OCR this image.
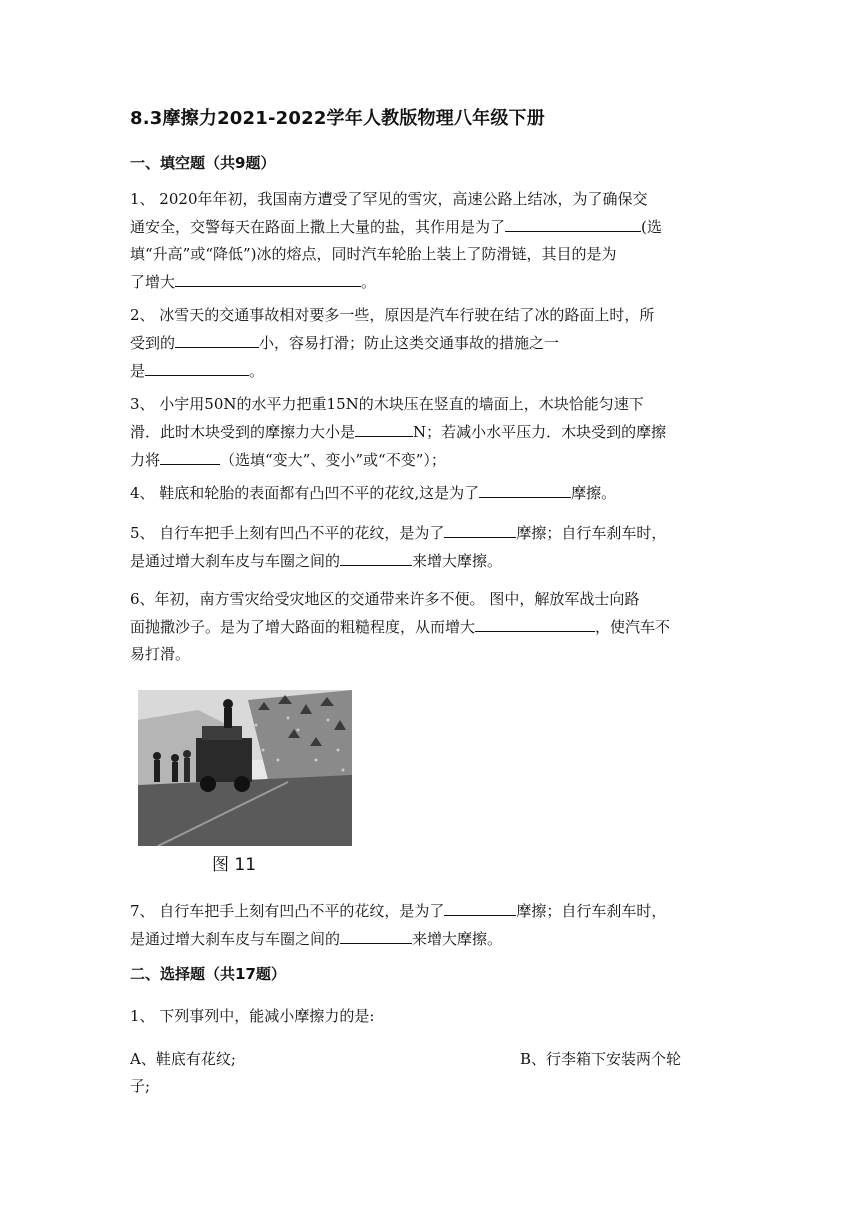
8.3摩擦力2021-2022学年人教版物理八年级下册
一、填空题（共9题）
1、 2020年年初，我国南方遭受了罕见的雪灾，高速公路上结冰，为了确保交
通安全，交警每天在路面上撒上大量的盐，其作用是为了	(选
填“升高”或“降低”)冰的熔点，同时汽车轮胎上装上了防滑链，其目的是为
了增大	。
2、 冰雪天的交通事故相对要多一些，原因是汽车行驶在结了冰的路面上时，所
受到的	小，容易打滑；防止这类交通事故的措施之一
是	。
3、 小宇用50N的水平力把重15N的木块压在竖直的墙面上，木块恰能匀速下
滑．此时木块受到的摩擦力大小是	N；若减小水平压力．木块受到的摩擦
力将	（选填“变大”、变小”或“不变”）；
4、 鞋底和轮胎的表面都有凸凹不平的花纹,这是为了	摩擦。
5、 自行车把手上刻有凹凸不平的花纹，是为了	摩擦；自行车刹车时，
是通过增大刹车皮与车圈之间的	来增大摩擦。
6、年初，南方雪灾给受灾地区的交通带来许多不便。 图中，解放军战士向路
面抛撒沙子。是为了增大路面的粗糙程度，从而增大	，使汽车不
易打滑。
图 11
7、 自行车把手上刻有凹凸不平的花纹，是为了	摩擦；自行车刹车时，
是通过增大刹车皮与车圈之间的	来增大摩擦。
二、选择题（共17题）
1、 下列事列中，能减小摩擦力的是:
A、鞋底有花纹;	B、行李箱下安装两个轮
子;
